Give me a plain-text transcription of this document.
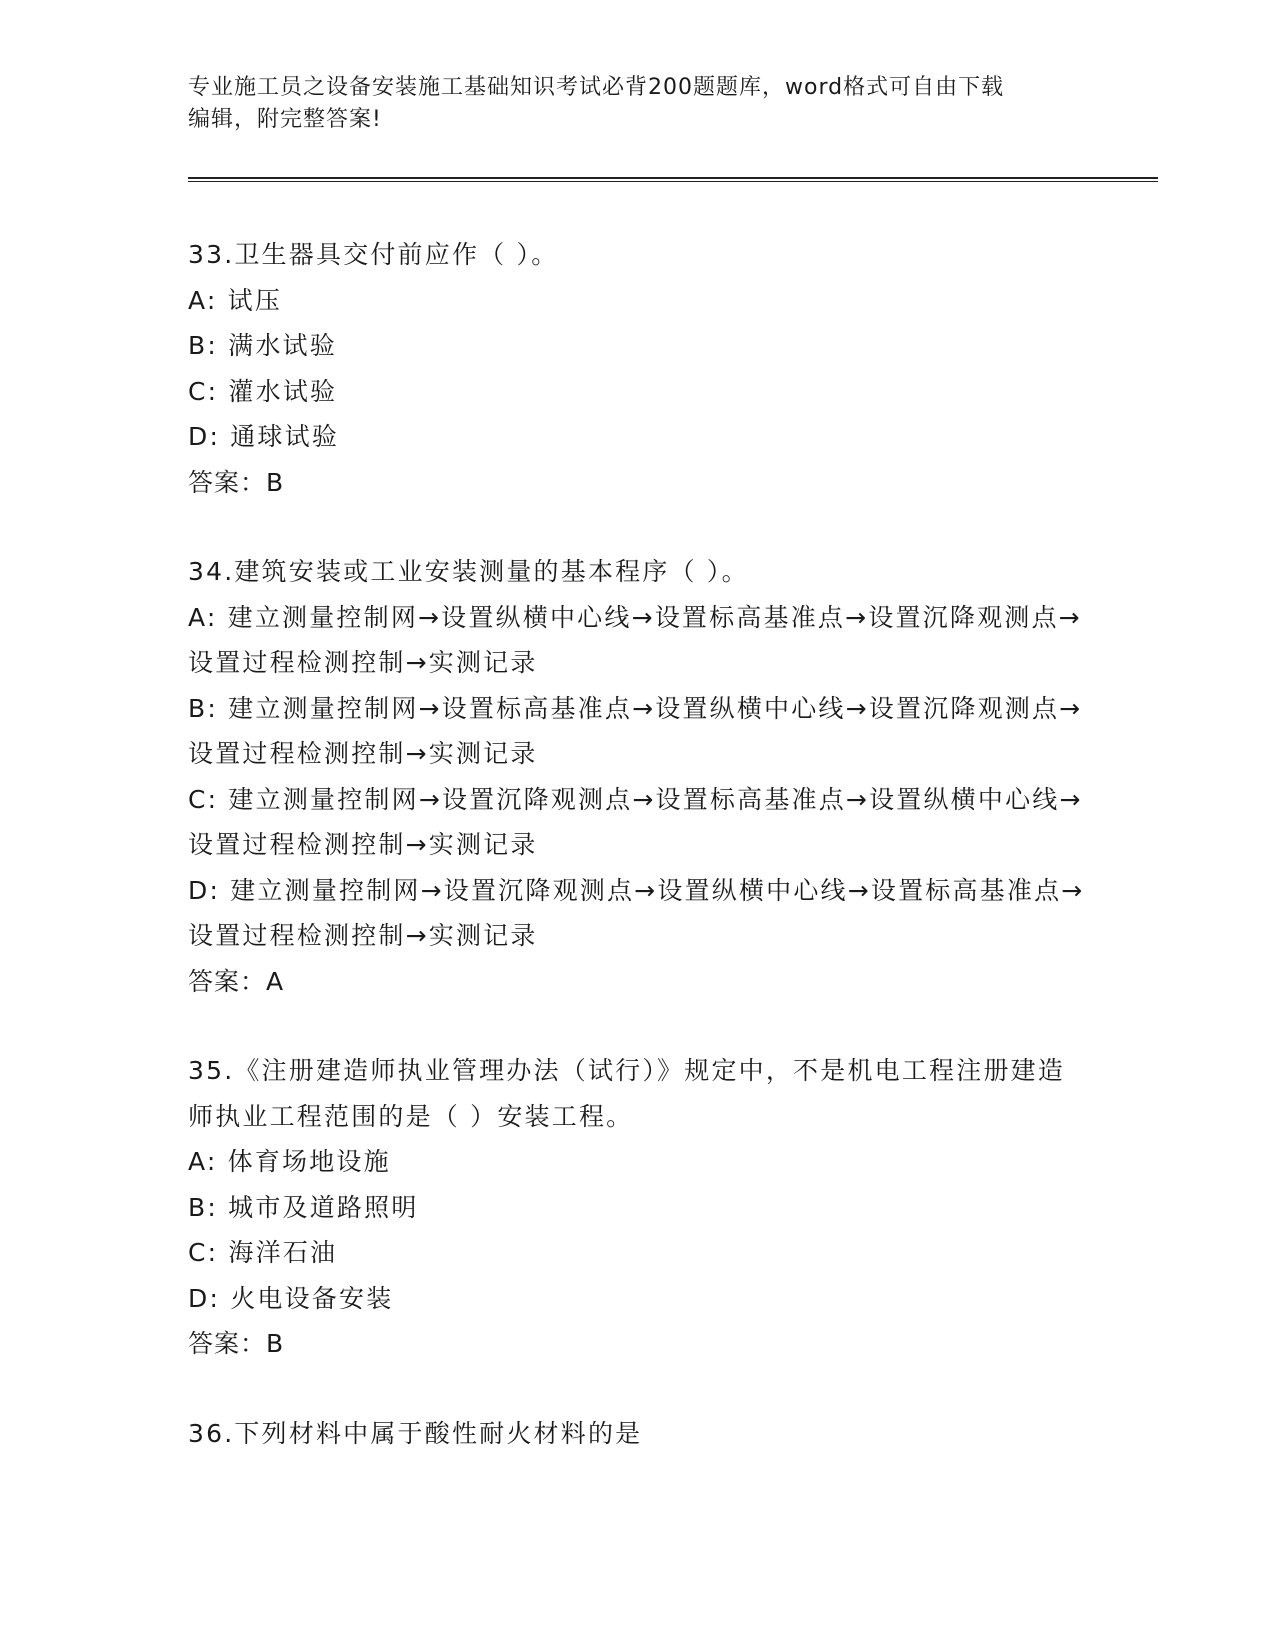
专业施工员之设备安装施工基础知识考试必背200题题库，word格式可自由下载
编辑，附完整答案!

33.卫生器具交付前应作（ ）。

A: 试压

B: 满水试验

C: 灌水试验

D: 通球试验

答案：B

34.建筑安装或工业安装测量的基本程序（ ）。

A: 建立测量控制网→设置纵横中心线→设置标高基准点→设置沉降观测点→设置过程检测控制→实测记录

B: 建立测量控制网→设置标高基准点→设置纵横中心线→设置沉降观测点→设置过程检测控制→实测记录

C: 建立测量控制网→设置沉降观测点→设置标高基准点→设置纵横中心线→设置过程检测控制→实测记录

D: 建立测量控制网→设置沉降观测点→设置纵横中心线→设置标高基准点→设置过程检测控制→实测记录

答案：A

35.《注册建造师执业管理办法（试行）》规定中，不是机电工程注册建造师执业工程范围的是（ ）安装工程。

A: 体育场地设施

B: 城市及道路照明

C: 海洋石油

D: 火电设备安装

答案：B

36.下列材料中属于酸性耐火材料的是
